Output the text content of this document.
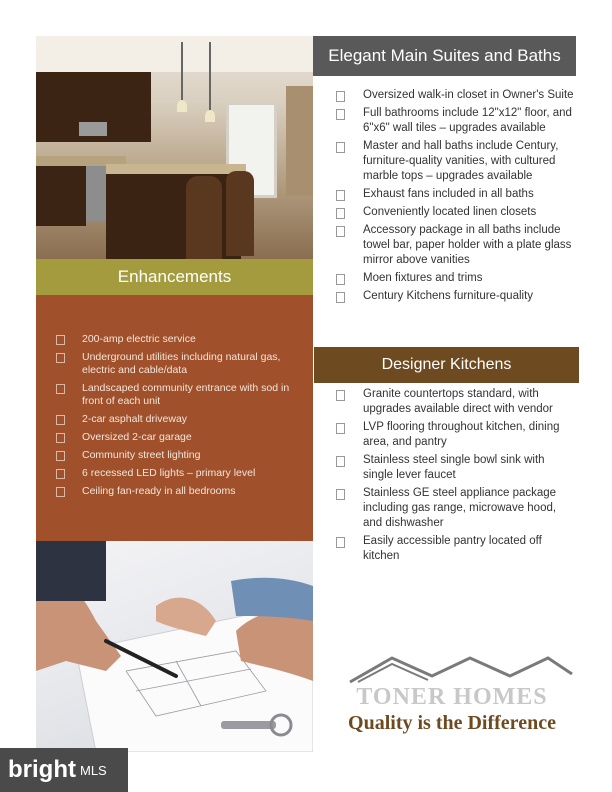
Enhancements
200-amp electric service
Underground utilities including natural gas, electric and cable/data
Landscaped community entrance with sod in front of each unit
2-car asphalt driveway
Oversized 2-car garage
Community street lighting
6 recessed LED lights – primary level
Ceiling fan-ready in all bedrooms
Elegant Main Suites and Baths
Oversized walk-in closet in Owner's Suite
Full bathrooms include 12"x12" floor, and 6"x6" wall tiles – upgrades available
Master and hall baths include Century, furniture-quality vanities, with cultured marble tops – upgrades available
Exhaust fans included in all baths
Conveniently located linen closets
Accessory package in all baths include towel bar, paper holder with a plate glass mirror above vanities
Moen fixtures and trims
Century Kitchens furniture-quality
Designer Kitchens
Granite countertops standard, with upgrades available direct with vendor
LVP flooring throughout kitchen, dining area, and pantry
Stainless steel single bowl sink with single lever faucet
Stainless GE steel appliance package including gas range, microwave hood, and dishwasher
Easily accessible pantry located off kitchen
TONER HOMES
Quality is the Difference
bright MLS
